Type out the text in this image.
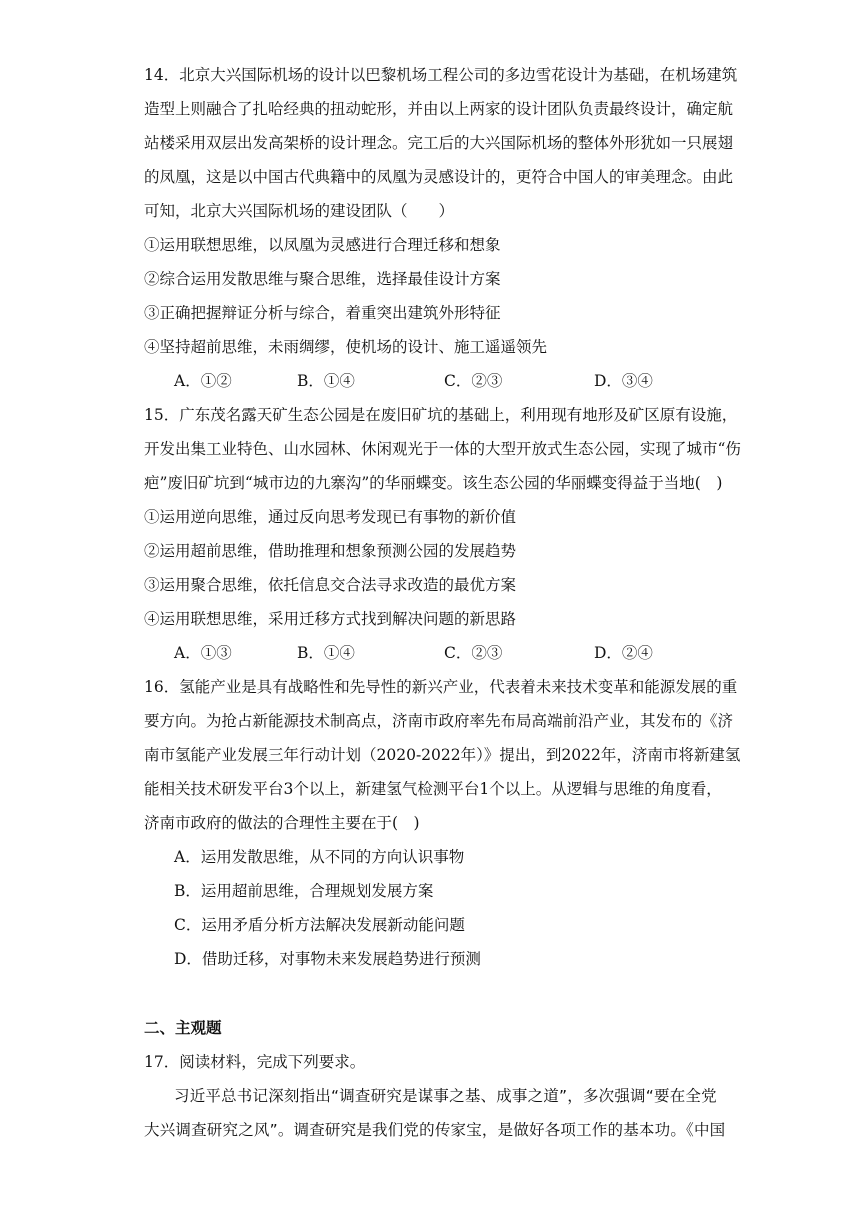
14．北京大兴国际机场的设计以巴黎机场工程公司的多边雪花设计为基础，在机场建筑
造型上则融合了扎哈经典的扭动蛇形，并由以上两家的设计团队负责最终设计，确定航
站楼采用双层出发高架桥的设计理念。完工后的大兴国际机场的整体外形犹如一只展翅
的凤凰，这是以中国古代典籍中的凤凰为灵感设计的，更符合中国人的审美理念。由此
可知，北京大兴国际机场的建设团队（　　）
①运用联想思维，以凤凰为灵感进行合理迁移和想象
②综合运用发散思维与聚合思维，选择最佳设计方案
③正确把握辩证分析与综合，着重突出建筑外形特征
④坚持超前思维，未雨绸缪，使机场的设计、施工遥遥领先
A．①②	B．①④	C．②③	D．③④
15．广东茂名露天矿生态公园是在废旧矿坑的基础上，利用现有地形及矿区原有设施，
开发出集工业特色、山水园林、休闲观光于一体的大型开放式生态公园，实现了城市“伤
疤”废旧矿坑到“城市边的九寨沟”的华丽蝶变。该生态公园的华丽蝶变得益于当地(　)
①运用逆向思维，通过反向思考发现已有事物的新价值
②运用超前思维，借助推理和想象预测公园的发展趋势
③运用聚合思维，依托信息交合法寻求改造的最优方案
④运用联想思维，采用迁移方式找到解决问题的新思路
A．①③	B．①④	C．②③	D．②④
16．氢能产业是具有战略性和先导性的新兴产业，代表着未来技术变革和能源发展的重
要方向。为抢占新能源技术制高点，济南市政府率先布局高端前沿产业，其发布的《济
南市氢能产业发展三年行动计划（2020-2022年）》提出，到2022年，济南市将新建氢
能相关技术研发平台3个以上，新建氢气检测平台1个以上。从逻辑与思维的角度看，
济南市政府的做法的合理性主要在于(　)
A．运用发散思维，从不同的方向认识事物
B．运用超前思维，合理规划发展方案
C．运用矛盾分析方法解决发展新动能问题
D．借助迁移，对事物未来发展趋势进行预测
二、主观题
17．阅读材料，完成下列要求。
习近平总书记深刻指出“调查研究是谋事之基、成事之道”，多次强调“要在全党
大兴调查研究之风”。调查研究是我们党的传家宝，是做好各项工作的基本功。《中国
